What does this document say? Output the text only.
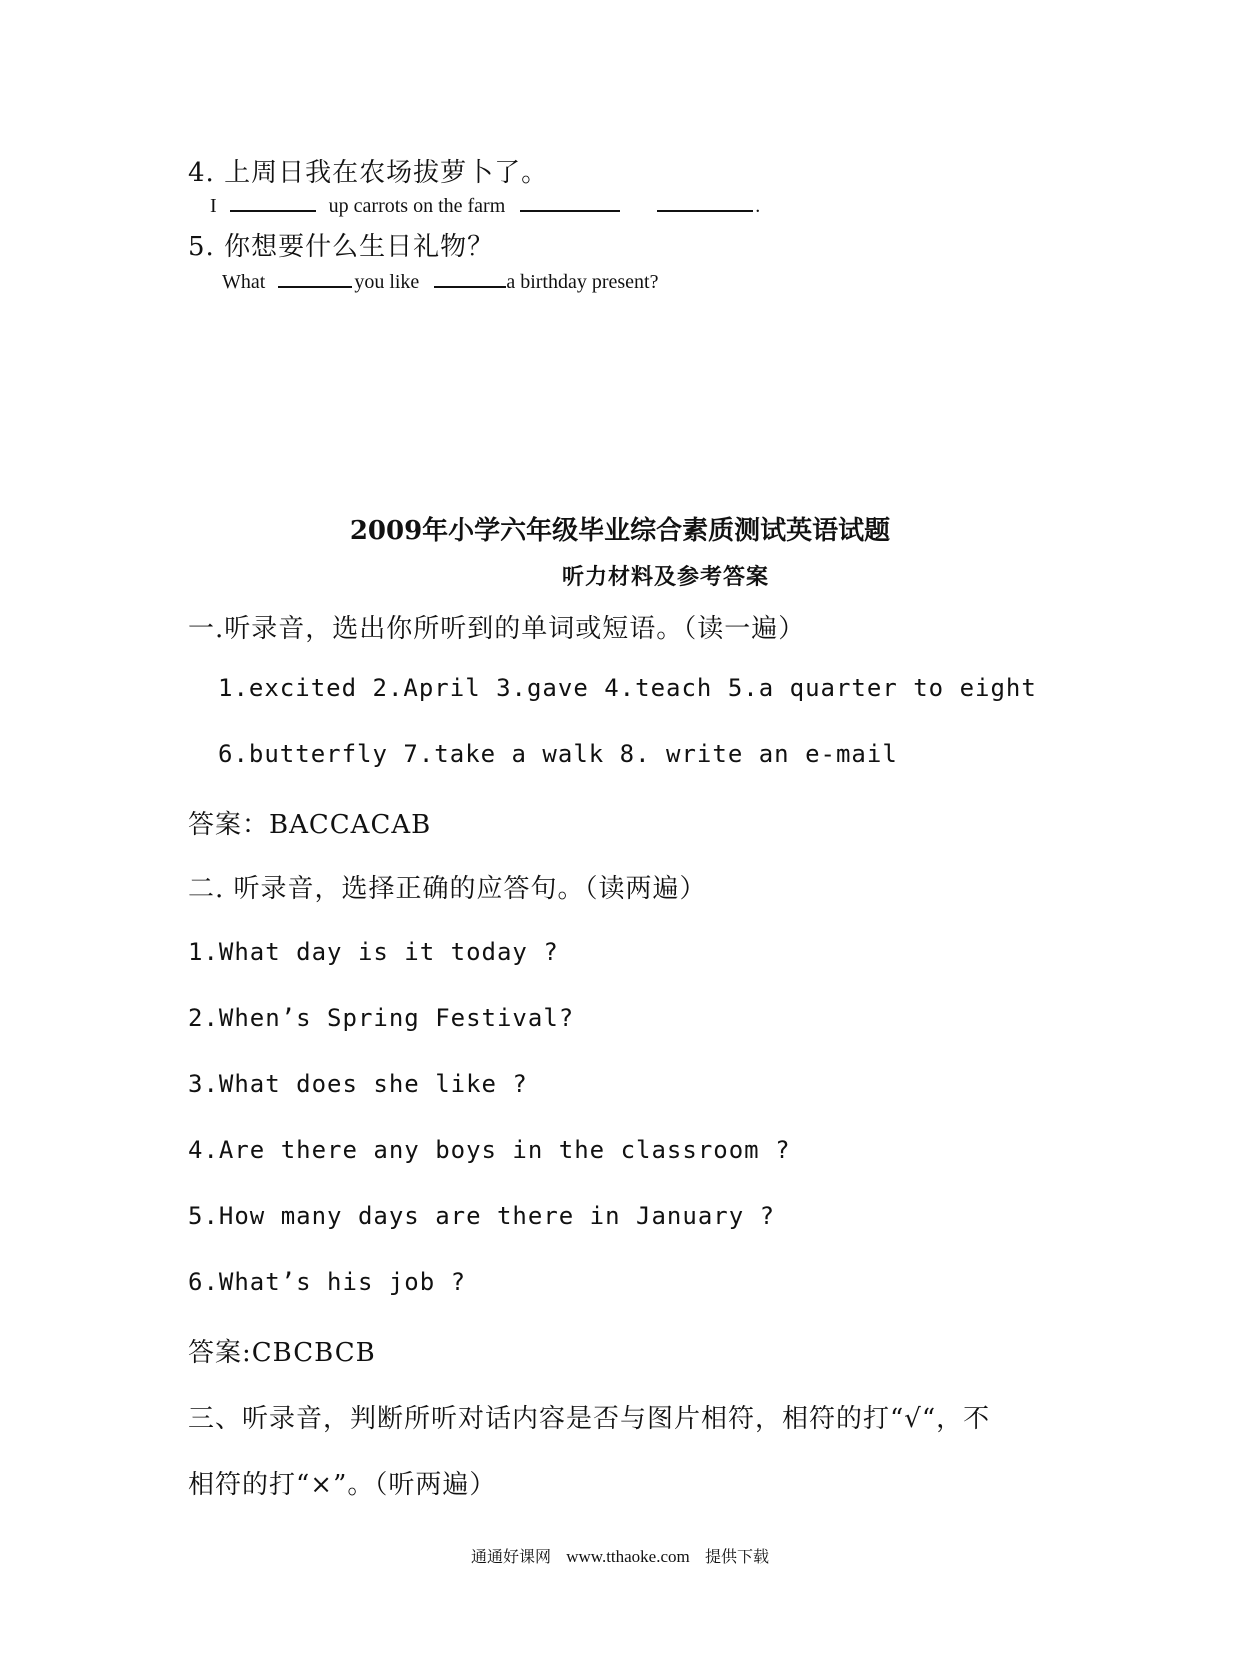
4. 上周日我在农场拔萝卜了。
I	up carrots on the farm	.
5. 你想要什么生日礼物？
What	you like	a birthday present?
2009年小学六年级毕业综合素质测试英语试题
听力材料及参考答案
一.听录音，选出你所听到的单词或短语。（读一遍）
1.excited 2.April 3.gave 4.teach 5.a quarter to eight
6.butterfly 7.take a walk 8. write an e-mail
答案：BACCACAB
二. 听录音，选择正确的应答句。（读两遍）
1.What day is it today ?
2.When’s Spring Festival?
3.What does she like ?
4.Are there any boys in the classroom ?
5.How many days are there in January ?
6.What’s his job ?
答案:CBCBCB
三、听录音，判断所听对话内容是否与图片相符，相符的打“√“，不
相符的打“×”。（听两遍）
通通好课网 www.tthaoke.com 提供下载
